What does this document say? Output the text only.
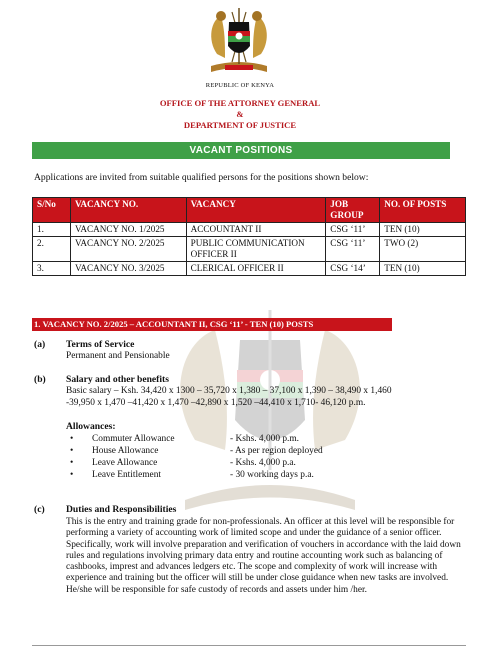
REPUBLIC OF KENYA
OFFICE OF THE ATTORNEY GENERAL
&
DEPARTMENT OF JUSTICE
VACANT POSITIONS
Applications are invited from suitable qualified persons for the positions shown below:
S/No	VACANCY NO.	VACANCY	JOB GROUP	NO. OF POSTS
1.	VACANCY NO. 1/2025	ACCOUNTANT II	CSG ‘11’	TEN (10)
2.	VACANCY NO. 2/2025	PUBLIC COMMUNICATION OFFICER II	CSG ‘11’	TWO (2)
3.	VACANCY NO. 3/2025	CLERICAL OFFICER II	CSG ‘14’	TEN (10)
1. VACANCY NO. 2/2025 – ACCOUNTANT II, CSG ‘11’ - TEN (10) POSTS
(a) Terms of Service
Permanent and Pensionable
(b) Salary and other benefits
Basic salary – Ksh. 34,420 x 1300 – 35,720 x 1,380 – 37,100 x 1,390 – 38,490 x 1,460
-39,950 x 1,470 –41,420 x 1,470 –42,890 x 1,520 –44,410 x 1,710- 46,120 p.m.
Allowances:
• Commuter Allowance	- Kshs. 4,000 p.m.
• House Allowance	- As per region deployed
• Leave Allowance	- Kshs. 4,000 p.a.
• Leave Entitlement	- 30 working days p.a.
(c) Duties and Responsibilities
This is the entry and training grade for non-professionals. An officer at this level will be responsible for performing a variety of accounting work of limited scope and under the guidance of a senior officer. Specifically, work will involve preparation and verification of vouchers in accordance with the laid down rules and regulations involving primary data entry and routine accounting work such as balancing of cashbooks, imprest and advances ledgers etc. The scope and complexity of work will increase with experience and training but the officer will still be under close guidance when new tasks are involved. He/she will be responsible for safe custody of records and assets under him /her.
